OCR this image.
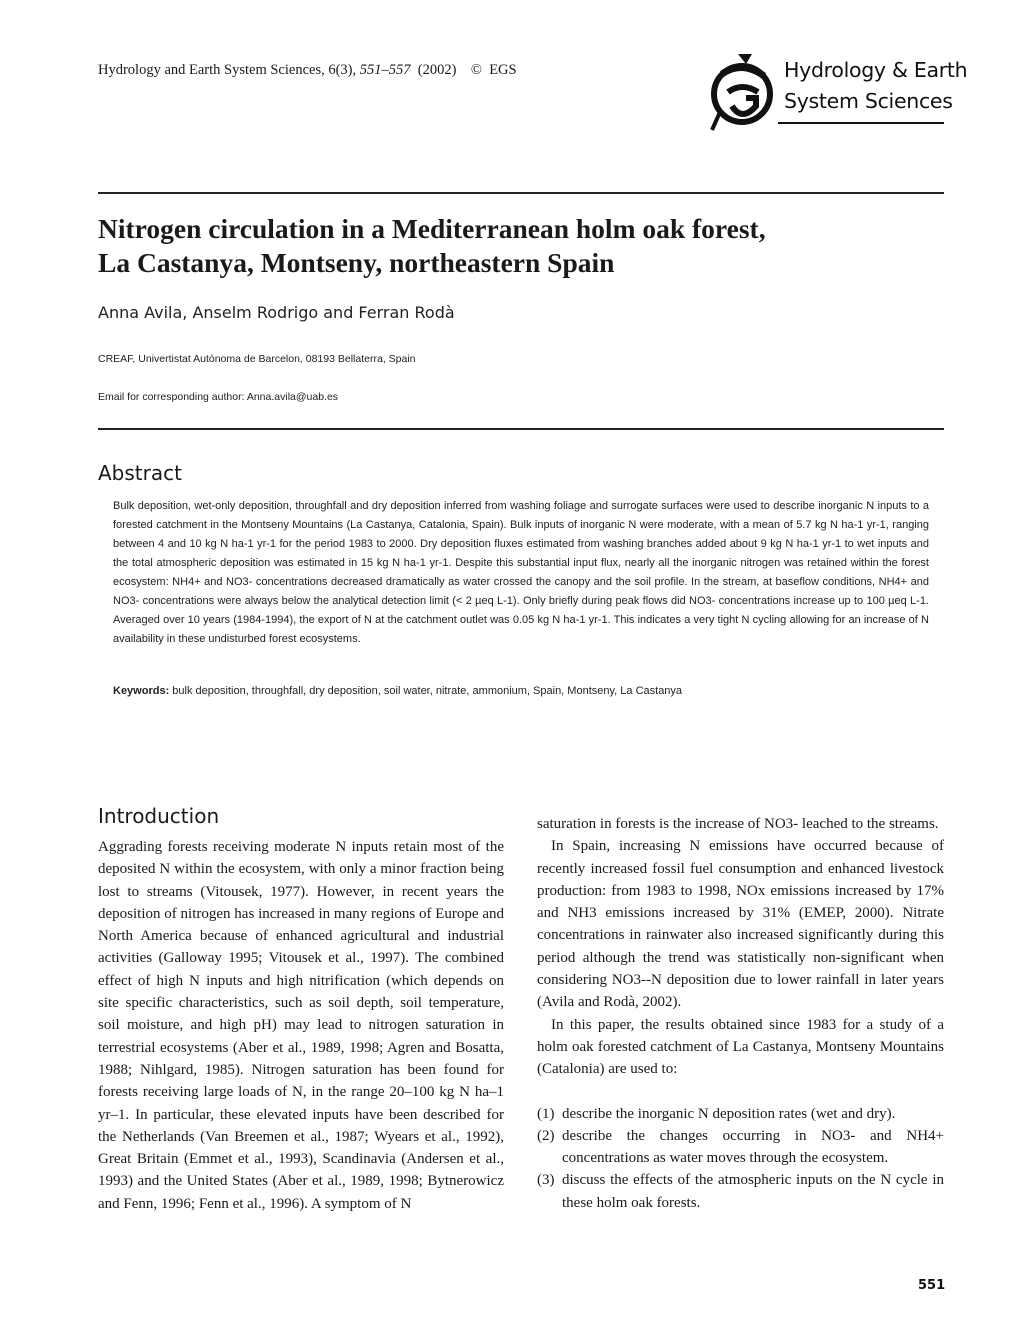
Hydrology and Earth System Sciences, 6(3), 551–557  (2002)    ©  EGS	Hydrology & Earth
System Sciences
Nitrogen circulation in a Mediterranean holm oak forest,
La Castanya, Montseny, northeastern Spain
Anna Avila, Anselm Rodrigo and Ferran Rodà
CREAF, Univertistat Autònoma de Barcelon, 08193 Bellaterra, Spain
Email for corresponding author: Anna.avila@uab.es
Abstract
Bulk deposition, wet-only deposition, throughfall and dry deposition inferred from washing foliage and surrogate surfaces were used to describe inorganic N inputs to a forested catchment in the Montseny Mountains (La Castanya, Catalonia, Spain). Bulk inputs of inorganic N were moderate, with a mean of 5.7 kg N ha-1 yr-1, ranging between 4 and 10 kg N ha-1 yr-1 for the period 1983 to 2000. Dry deposition fluxes estimated from washing branches added about 9 kg N ha-1 yr-1 to wet inputs and the total atmospheric deposition was estimated in 15 kg N ha-1 yr-1. Despite this substantial input flux, nearly all the inorganic nitrogen was retained within the forest ecosystem: NH4+ and NO3- concentrations decreased dramatically as water crossed the canopy and the soil profile. In the stream, at baseflow conditions, NH4+ and NO3- concentrations were always below the analytical detection limit (< 2 µeq L-1). Only briefly during peak flows did NO3- concentrations increase up to 100 µeq L-1. Averaged over 10 years (1984-1994), the export of N at the catchment outlet was 0.05 kg N ha-1 yr-1. This indicates a very tight N cycling allowing for an increase of N availability in these undisturbed forest ecosystems.
Keywords: bulk deposition, throughfall, dry deposition, soil water, nitrate, ammonium, Spain, Montseny, La Castanya
Introduction

Aggrading forests receiving moderate N inputs retain most of the deposited N within the ecosystem, with only a minor fraction being lost to streams (Vitousek, 1977). However, in recent years the deposition of nitrogen has increased in many regions of Europe and North America because of enhanced agricultural and industrial activities (Galloway 1995; Vitousek et al., 1997). The combined effect of high N inputs and high nitrification (which depends on site specific characteristics, such as soil depth, soil temperature, soil moisture, and high pH) may lead to nitrogen saturation in terrestrial ecosystems (Aber et al., 1989, 1998; Agren and Bosatta, 1988; Nihlgard, 1985). Nitrogen saturation has been found for forests receiving large loads of N, in the range 20–100 kg N ha–1 yr–1. In particular, these elevated inputs have been described for the Netherlands (Van Breemen et al., 1987; Wyears et al., 1992), Great Britain (Emmet et al., 1993), Scandinavia (Andersen et al., 1993) and the United States (Aber et al., 1989, 1998; Bytnerowicz and Fenn, 1996; Fenn et al., 1996). A symptom of N

saturation in forests is the increase of NO3- leached to the streams.

In Spain, increasing N emissions have occurred because of recently increased fossil fuel consumption and enhanced livestock production: from 1983 to 1998, NOx emissions increased by 17% and NH3 emissions increased by 31% (EMEP, 2000). Nitrate concentrations in rainwater also increased significantly during this period although the trend was statistically non-significant when considering NO3--N deposition due to lower rainfall in later years (Avila and Rodà, 2002).

In this paper, the results obtained since 1983 for a study of a holm oak forested catchment of La Castanya, Montseny Mountains (Catalonia) are used to:

(1) describe the inorganic N deposition rates (wet and dry).
(2) describe the changes occurring in NO3- and NH4+ concentrations as water moves through the ecosystem.
(3) discuss the effects of the atmospheric inputs on the N cycle in these holm oak forests.
551
